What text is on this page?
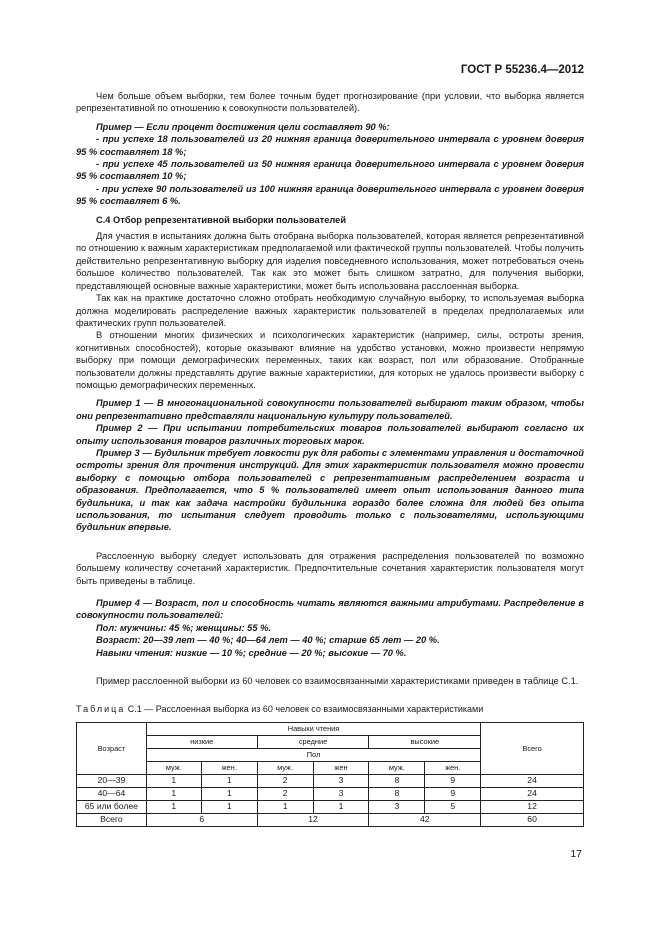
ГОСТ Р 55236.4—2012

Чем больше объем выборки, тем более точным будет прогнозирование (при условии, что выборка является репрезентативной по отношению к совокупности пользователей).

Пример — Если процент достижения цели составляет 90 %:

- при успехе 18 пользователей из 20 нижняя граница доверительного интервала с уровнем доверия 95 % составляет 18 %;

- при успехе 45 пользователей из 50 нижняя граница доверительного интервала с уровнем доверия 95 % составляет 10 %;

- при успехе 90 пользователей из 100 нижняя граница доверительного интервала с уровнем доверия 95 % составляет 6 %.

С.4 Отбор репрезентативной выборки пользователей

Для участия в испытаниях должна быть отобрана выборка пользователей, которая является репрезентативной по отношению к важным характеристикам предполагаемой или фактической группы пользователей. Чтобы получить действительно репрезентативную выборку для изделия повседневного использования, может потребоваться очень большое количество пользователей. Так как это может быть слишком затратно, для получения выборки, представляющей основные важные характеристики, может быть использована расслоенная выборка.

Так как на практике достаточно сложно отобрать необходимую случайную выборку, то используемая выборка должна моделировать распределение важных характеристик пользователей в пределах предполагаемых или фактических групп пользователей.

В отношении многих физических и психологических характеристик (например, силы, остроты зрения, когнитивных способностей), которые оказывают влияние на удобство установки, можно произвести непрямую выборку при помощи демографических переменных, таких как возраст, пол или образование. Отобранные пользователи должны представлять другие важные характеристики, для которых не удалось произвести выборку с помощью демографических переменных.

Пример 1 — В многонациональной совокупности пользователей выбирают таким образом, чтобы они репрезентативно представляли национальную культуру пользователей.

Пример 2 — При испытании потребительских товаров пользователей выбирают согласно их опыту использования товаров различных торговых марок.

Пример 3 — Будильник требует ловкости рук для работы с элементами управления и достаточной остроты зрения для прочтения инструкций. Для этих характеристик пользователя можно провести выборку с помощью отбора пользователей с репрезентативным распределением возраста и образования. Предполагается, что 5 % пользователей имеет опыт использования данного типа будильника, и так как задача настройки будильника гораздо более сложна для людей без опыта использования, то испытания следует проводить только с пользователями, использующими будильник впервые.

Расслоенную выборку следует использовать для отражения распределения пользователей по возможно большему количеству сочетаний характеристик. Предпочтительные сочетания характеристик пользователя могут быть приведены в таблице.

Пример 4 — Возраст, пол и способность читать являются важными атрибутами. Распределение в совокупности пользователей:

Пол: мужчины: 45 %; женщины: 55 %.

Возраст: 20—39 лет — 40 %; 40—64 лет — 40 %; старше 65 лет — 20 %.

Навыки чтения: низкие — 10 %; средние — 20 %; высокие — 70 %.

Пример расслоенной выборки из 60 человек со взаимосвязанными характеристиками приведен в таблице С.1.

Таблица С.1 — Расслоенная выборка из 60 человек со взаимосвязанными характеристиками
Возраст	Навыки чтения						Всего
	низкие		средние		высокие		
	Пол						
	муж.	жен.	муж.	жен	муж.	жен.	
20—39	1	1	2	3	8	9	24
40—64	1	1	2	3	8	9	24
65 или более	1	1	1	1	3	5	12
Всего	6		12		42		60
17
